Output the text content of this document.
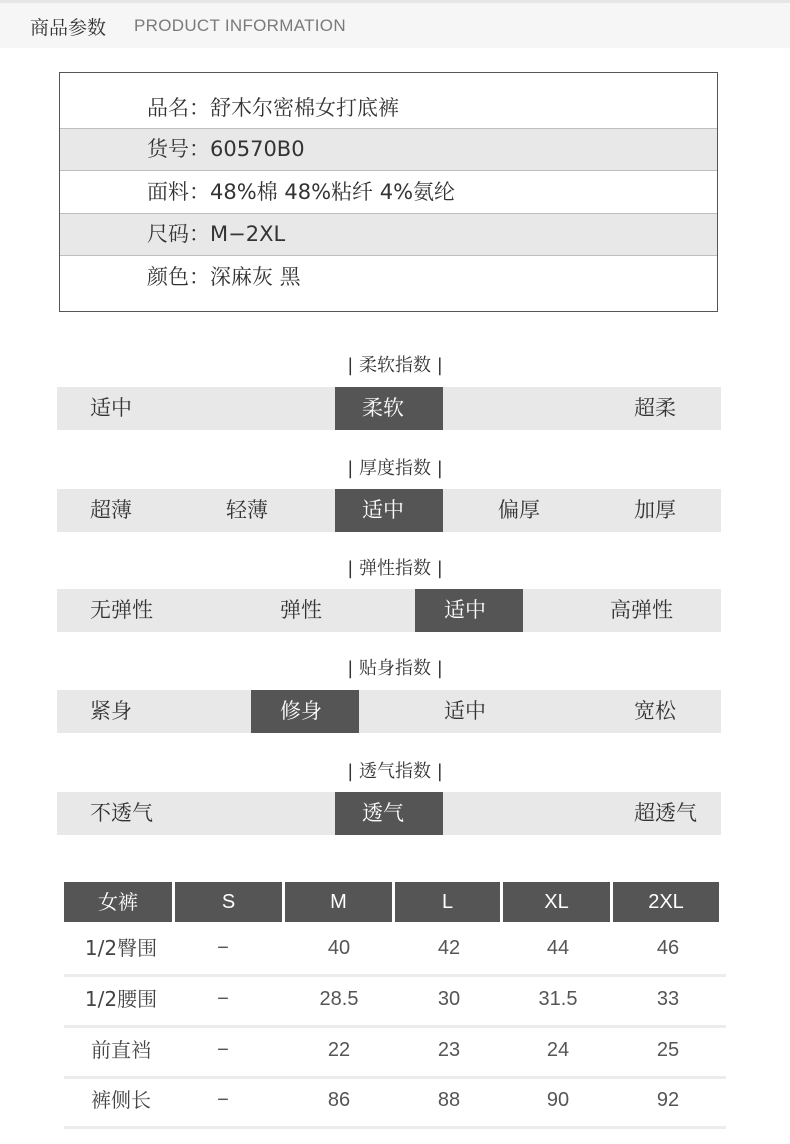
商品参数 PRODUCT INFORMATION
品名：舒木尔密棉女打底裤
货号：60570B0
面料：48%棉 48%粘纤 4%氨纶
尺码：M−2XL
颜色：深麻灰 黑
| 柔软指数 |
适中	柔软	超柔
| 厚度指数 |
超薄	轻薄	适中	偏厚	加厚
| 弹性指数 |
无弹性	弹性	适中	高弹性
| 贴身指数 |
紧身	修身	适中	宽松
| 透气指数 |
不透气	透气	超透气
女裤	S	M	L	XL	2XL
1/2臀围	−	40	42	44	46
1/2腰围	−	28.5	30	31.5	33
前直裆	−	22	23	24	25
裤侧长	−	86	88	90	92
